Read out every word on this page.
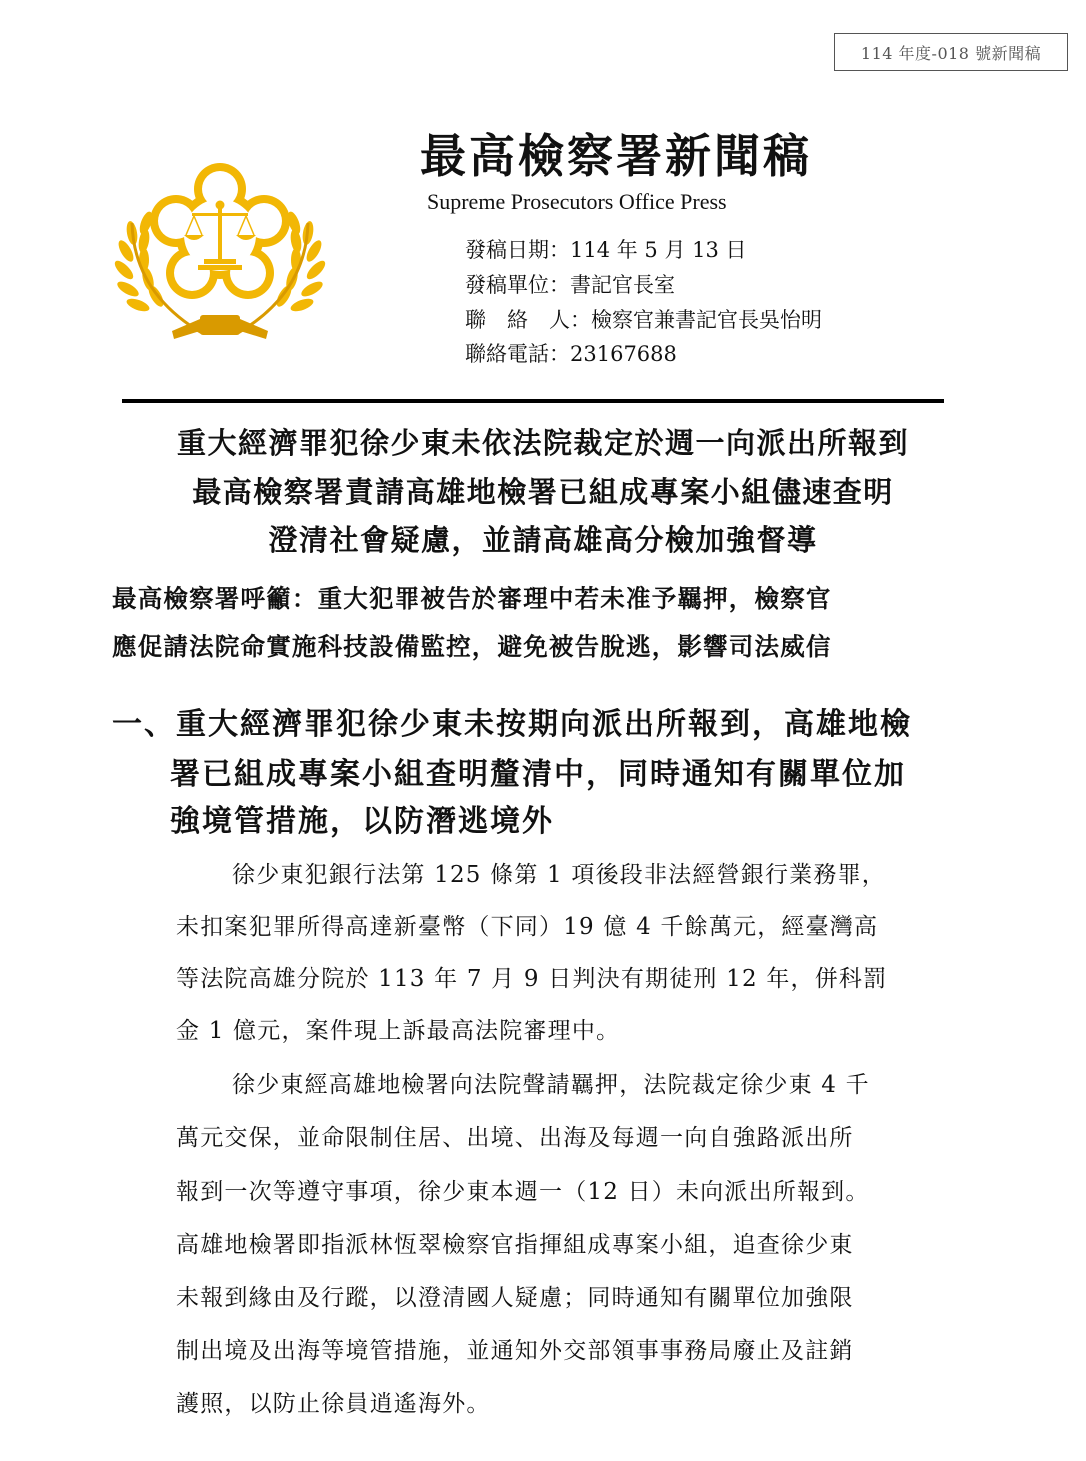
114 年度-018 號新聞稿
最高檢察署新聞稿
Supreme Prosecutors Office Press
發稿日期：114 年 5 月 13 日
發稿單位：書記官長室
聯　絡　人：檢察官兼書記官長吳怡明
聯絡電話：23167688
重大經濟罪犯徐少東未依法院裁定於週一向派出所報到
最高檢察署責請高雄地檢署已組成專案小組儘速查明
澄清社會疑慮，並請高雄高分檢加強督導
最高檢察署呼籲：重大犯罪被告於審理中若未准予羈押，檢察官
應促請法院命實施科技設備監控，避免被告脫逃，影響司法威信
一、重大經濟罪犯徐少東未按期向派出所報到，高雄地檢
署已組成專案小組查明釐清中，同時通知有關單位加
強境管措施，以防潛逃境外
徐少東犯銀行法第 125 條第 1 項後段非法經營銀行業務罪，
未扣案犯罪所得高達新臺幣（下同）19 億 4 千餘萬元，經臺灣高
等法院高雄分院於 113 年 7 月 9 日判決有期徒刑 12 年，併科罰
金 1 億元，案件現上訴最高法院審理中。
徐少東經高雄地檢署向法院聲請羈押，法院裁定徐少東 4 千
萬元交保，並命限制住居、出境、出海及每週一向自強路派出所
報到一次等遵守事項，徐少東本週一（12 日）未向派出所報到。
高雄地檢署即指派林恆翠檢察官指揮組成專案小組，追查徐少東
未報到緣由及行蹤，以澄清國人疑慮；同時通知有關單位加強限
制出境及出海等境管措施，並通知外交部領事事務局廢止及註銷
護照，以防止徐員逍遙海外。
